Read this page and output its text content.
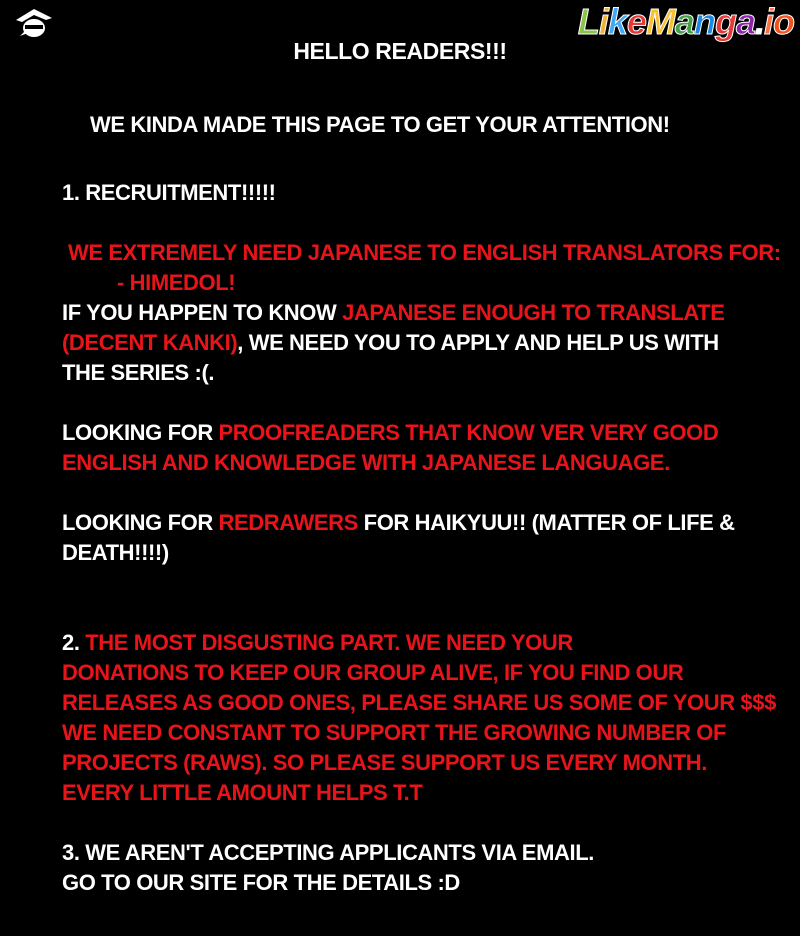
LikeManga.io

HELLO READERS!!!

WE KINDA MADE THIS PAGE TO GET YOUR ATTENTION!

1. RECRUITMENT!!!!!

WE EXTREMELY NEED JAPANESE TO ENGLISH TRANSLATORS FOR:

- HIMEDOL!

IF YOU HAPPEN TO KNOW JAPANESE ENOUGH TO TRANSLATE

(DECENT KANKI), WE NEED YOU TO APPLY AND HELP US WITH

THE SERIES :(.

LOOKING FOR PROOFREADERS THAT KNOW VER VERY GOOD

ENGLISH AND KNOWLEDGE WITH JAPANESE LANGUAGE.

LOOKING FOR REDRAWERS FOR HAIKYUU!! (MATTER OF LIFE &

DEATH!!!!)

2. THE MOST DISGUSTING PART. WE NEED YOUR

DONATIONS TO KEEP OUR GROUP ALIVE, IF YOU FIND OUR

RELEASES AS GOOD ONES, PLEASE SHARE US SOME OF YOUR $$$

WE NEED CONSTANT TO SUPPORT THE GROWING NUMBER OF

PROJECTS (RAWS). SO PLEASE SUPPORT US EVERY MONTH.

EVERY LITTLE AMOUNT HELPS T.T

3. WE AREN'T ACCEPTING APPLICANTS VIA EMAIL.

GO TO OUR SITE FOR THE DETAILS :D
